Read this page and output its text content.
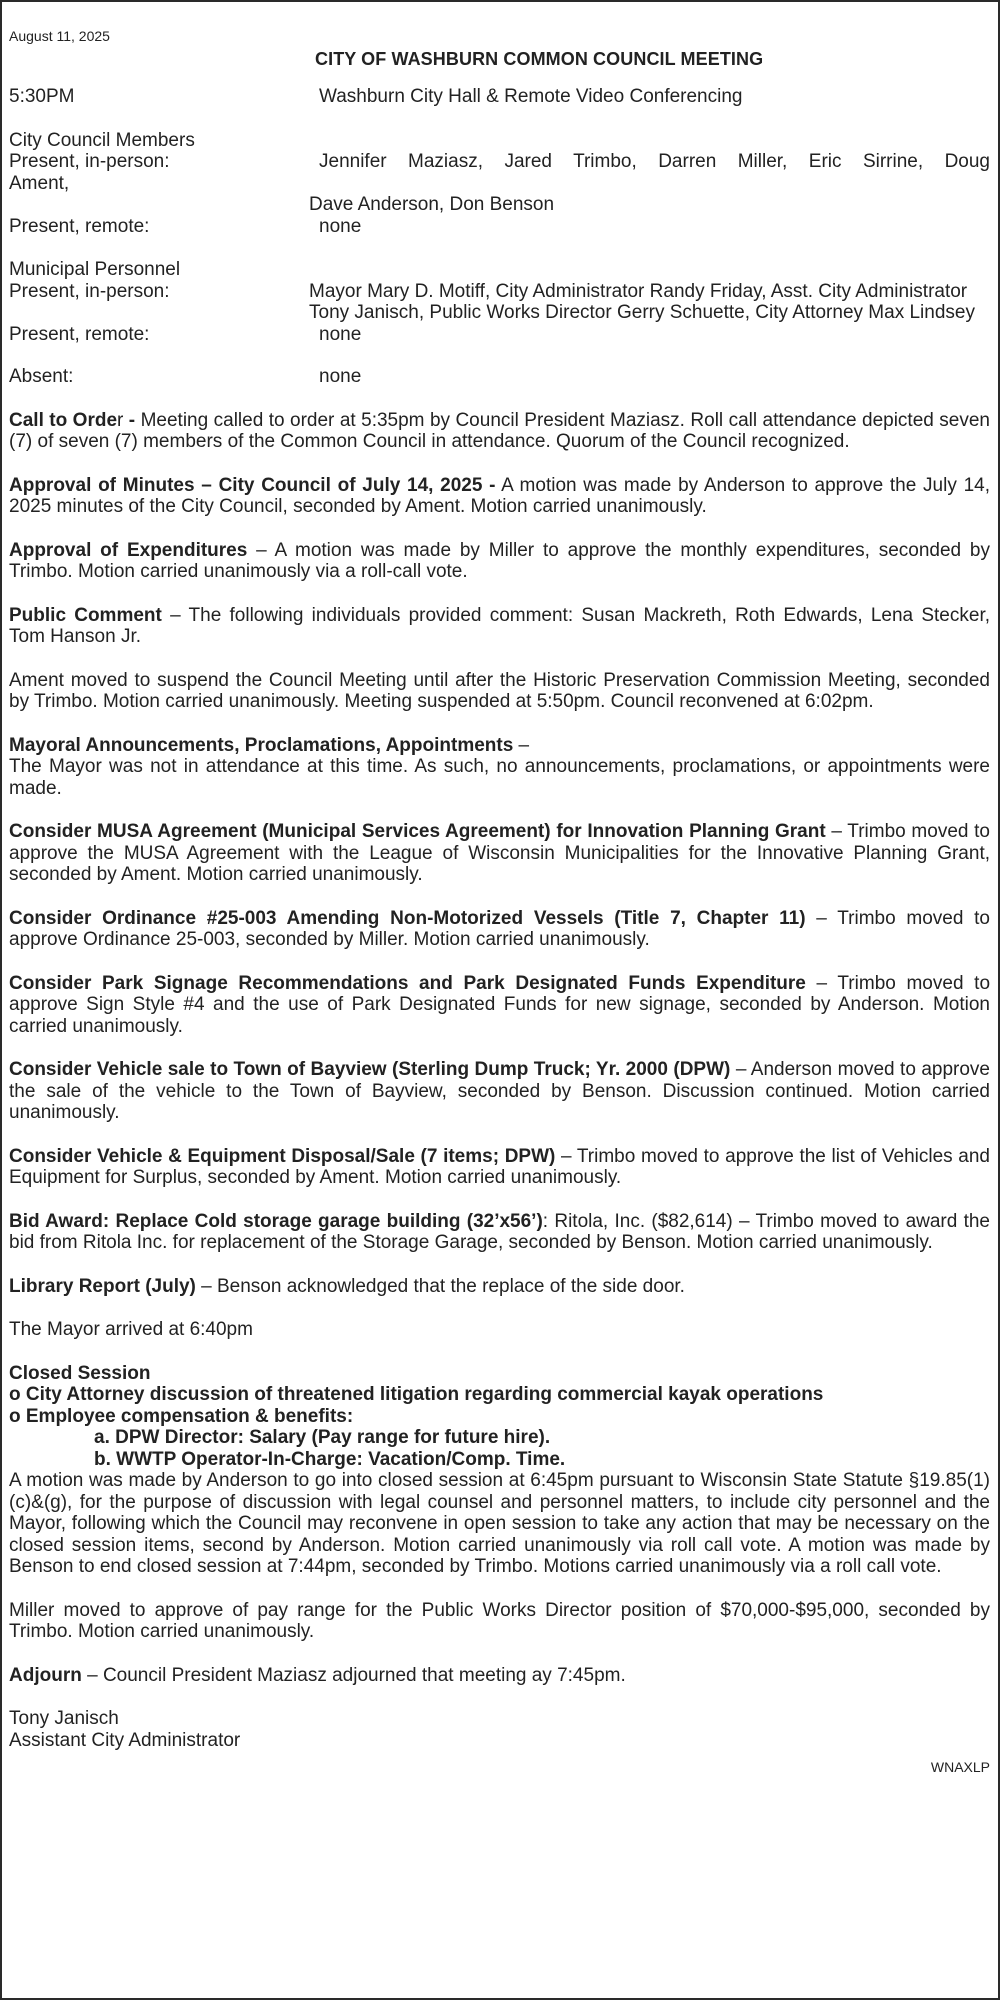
August 11, 2025
CITY OF WASHBURN COMMON COUNCIL MEETING
5:30PM	Washburn City Hall & Remote Video Conferencing
City Council Members
Present, in-person:	Jennifer Maziasz, Jared Trimbo, Darren Miller, Eric Sirrine, Doug
Ament,
Dave Anderson, Don Benson
Present, remote:	none
Municipal Personnel
Present, in-person:	Mayor Mary D. Motiff, City Administrator Randy Friday, Asst. City Administrator Tony Janisch, Public Works Director Gerry Schuette, City Attorney Max Lindsey
Present, remote:	none
Absent:	none

Call to Order - Meeting called to order at 5:35pm by Council President Maziasz. Roll call attendance depicted seven (7) of seven (7) members of the Common Council in attendance. Quorum of the Council recognized.

Approval of Minutes – City Council of July 14, 2025 - A motion was made by Anderson to approve the July 14, 2025 minutes of the City Council, seconded by Ament. Motion carried unanimously.

Approval of Expenditures – A motion was made by Miller to approve the monthly expenditures, seconded by Trimbo. Motion carried unanimously via a roll-call vote.

Public Comment – The following individuals provided comment: Susan Mackreth, Roth Edwards, Lena Stecker, Tom Hanson Jr.

Ament moved to suspend the Council Meeting until after the Historic Preservation Commission Meeting, seconded by Trimbo. Motion carried unanimously. Meeting suspended at 5:50pm. Council reconvened at 6:02pm.

Mayoral Announcements, Proclamations, Appointments –

The Mayor was not in attendance at this time. As such, no announcements, proclamations, or appointments were made.

Consider MUSA Agreement (Municipal Services Agreement) for Innovation Planning Grant – Trimbo moved to approve the MUSA Agreement with the League of Wisconsin Municipalities for the Innovative Planning Grant, seconded by Ament. Motion carried unanimously.

Consider Ordinance #25-003 Amending Non-Motorized Vessels (Title 7, Chapter 11) – Trimbo moved to approve Ordinance 25-003, seconded by Miller. Motion carried unanimously.

Consider Park Signage Recommendations and Park Designated Funds Expenditure – Trimbo moved to approve Sign Style #4 and the use of Park Designated Funds for new signage, seconded by Anderson. Motion carried unanimously.

Consider Vehicle sale to Town of Bayview (Sterling Dump Truck; Yr. 2000 (DPW) – Anderson moved to approve the sale of the vehicle to the Town of Bayview, seconded by Benson. Discussion continued. Motion carried unanimously.

Consider Vehicle & Equipment Disposal/Sale (7 items; DPW) – Trimbo moved to approve the list of Vehicles and Equipment for Surplus, seconded by Ament. Motion carried unanimously.

Bid Award: Replace Cold storage garage building (32’x56’): Ritola, Inc. ($82,614) – Trimbo moved to award the bid from Ritola Inc. for replacement of the Storage Garage, seconded by Benson. Motion carried unanimously.

Library Report (July) – Benson acknowledged that the replace of the side door.

The Mayor arrived at 6:40pm

Closed Session
o City Attorney discussion of threatened litigation regarding commercial kayak operations
o Employee compensation & benefits:
a. DPW Director: Salary (Pay range for future hire).
b. WWTP Operator-In-Charge: Vacation/Comp. Time.

A motion was made by Anderson to go into closed session at 6:45pm pursuant to Wisconsin State Statute §19.85(1)(c)&(g), for the purpose of discussion with legal counsel and personnel matters, to include city personnel and the Mayor, following which the Council may reconvene in open session to take any action that may be necessary on the closed session items, second by Anderson. Motion carried unanimously via roll call vote. A motion was made by Benson to end closed session at 7:44pm, seconded by Trimbo. Motions carried unanimously via a roll call vote.

Miller moved to approve of pay range for the Public Works Director position of $70,000-$95,000, seconded by Trimbo. Motion carried unanimously.

Adjourn – Council President Maziasz adjourned that meeting ay 7:45pm.

Tony Janisch
Assistant City Administrator
WNAXLP
